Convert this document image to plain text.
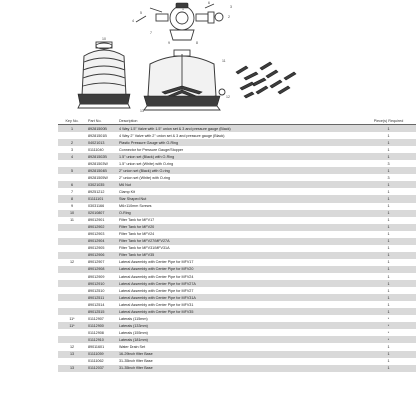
1
2
3
4
5
6
7
8
9
10
11
12
13
Key No.	Part No.	Description	Piece(s) Required
1	89281500B	4 Way 1.5" Valve with 1.5" union set & 3 and pressure gauge (Black)	1
	89281501B	4 Way 2" Valve with 2" union set & 3 and pressure gauge (Black)	1
2	04021013	Plastic Pressure Gauge with O-Ring	1
3	01111040	Connector for Pressure Gauge/Stopper	1
4	89281502B	1.5" union set (Black) with O-Ring	1
	89281503W	1.5" union set (White) with O-ring	3
5	89281504B	2" union set (Black) with O-ring	1
	89281505W	2" union set (White) with O-ring	3
6	03021035	M6 Nut	1
7	89251212	Clamp Kit	1
8	01111101	Star Shaped Nut	1
9	03031166	M6×110mm Screws	1
10	02010807	O-Ring	1
11	89012901	Filter Tank for MFV17	1
	89012902	Filter Tank for MFV20	1
	89012903	Filter Tank for MFV24	1
	89012904	Filter Tank for MFV27/MFV27A	1
	89012905	Filter Tank for MFV31/MFV31A	1
	89012906	Filter Tank for MFV35	1
12	89012907	Lateral Assembly with Center Pipe for MFV17	1
	89012908	Lateral Assembly with Center Pipe for MFV20	1
	89012909	Lateral Assembly with Center Pipe for MFV24	1
	89012910	Lateral Assembly with Center Pipe for MFV27A	1
	89012510	Lateral Assembly with Center Pipe for MFV27	1
	89012511	Lateral Assembly with Center Pipe for MFV31A	1
	89012514	Lateral Assembly with Center Pipe for MFV31	1
	89012515	Lateral Assembly with Center Pipe for MFV35	1
11*	01112907	Laterals (115mm)	*
11*	01112900	Laterals (133mm)	*
	01112908	Laterals (155mm)	*
	01112910	Laterals (181mm)	*
12	89011601	Water Drain Set	1
13	01111059	16-29inch filter Base	1
	01111062	31-35inch filter Base	1
13	01112037	31-35inch filter Base	1
